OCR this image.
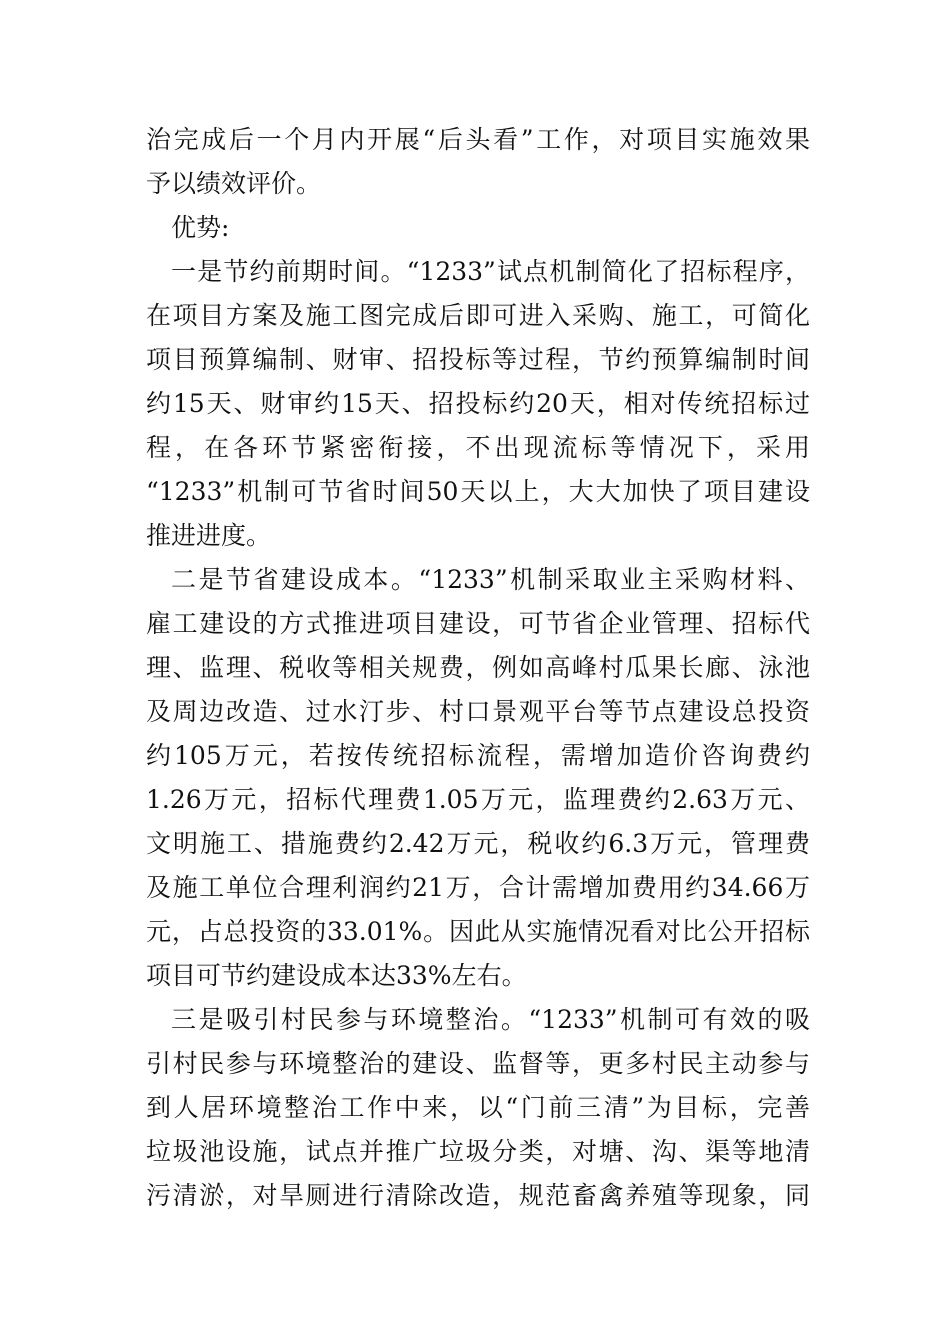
治完成后一个月内开展“后头看”工作，对项目实施效果
予以绩效评价。
优势:
一是节约前期时间。“1233”试点机制简化了招标程序，
在项目方案及施工图完成后即可进入采购、施工，可简化
项目预算编制、财审、招投标等过程，节约预算编制时间
约15天、财审约15天、招投标约20天，相对传统招标过
程，在各环节紧密衔接，不出现流标等情况下，采用
“1233”机制可节省时间50天以上，大大加快了项目建设
推进进度。
二是节省建设成本。“1233”机制采取业主采购材料、
雇工建设的方式推进项目建设，可节省企业管理、招标代
理、监理、税收等相关规费，例如高峰村瓜果长廊、泳池
及周边改造、过水汀步、村口景观平台等节点建设总投资
约105万元，若按传统招标流程，需增加造价咨询费约
1.26万元，招标代理费1.05万元，监理费约2.63万元、
文明施工、措施费约2.42万元，税收约6.3万元，管理费
及施工单位合理利润约21万，合计需增加费用约34.66万
元，占总投资的33.01%。因此从实施情况看对比公开招标
项目可节约建设成本达33%左右。
三是吸引村民参与环境整治。“1233”机制可有效的吸
引村民参与环境整治的建设、监督等，更多村民主动参与
到人居环境整治工作中来，以“门前三清”为目标，完善
垃圾池设施，试点并推广垃圾分类，对塘、沟、渠等地清
污清淤，对旱厕进行清除改造，规范畜禽养殖等现象，同
